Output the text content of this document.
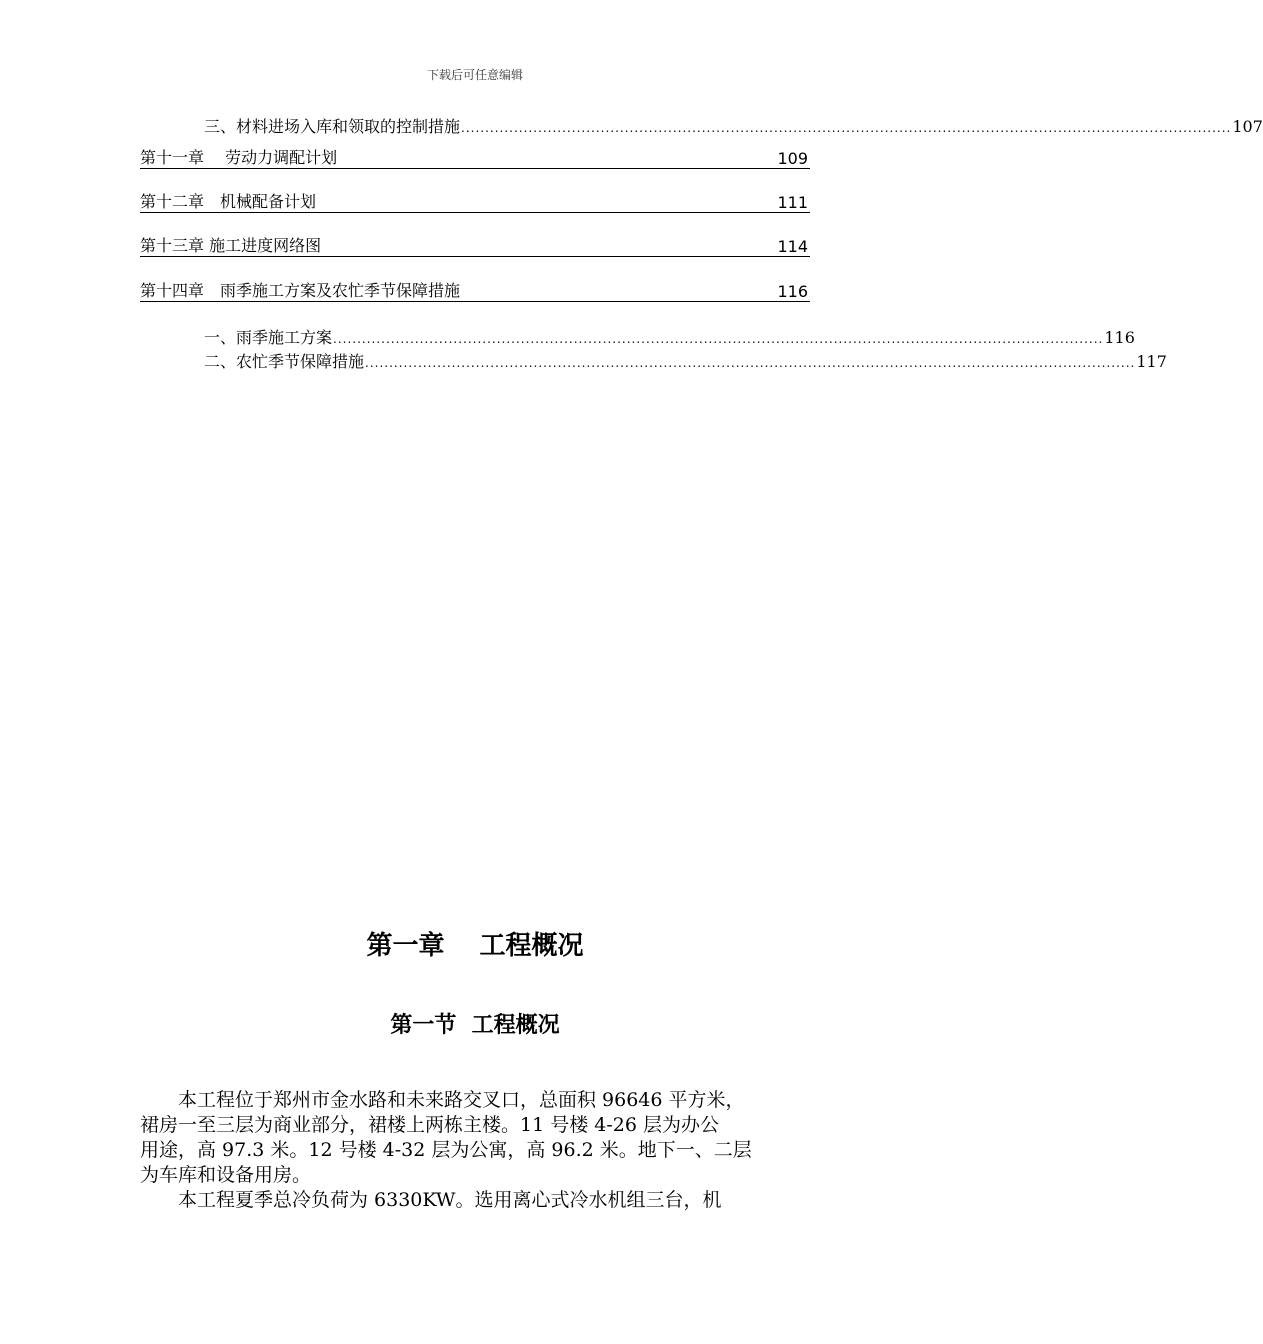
下载后可任意编辑
三、材料进场入库和领取的控制措施 ................................................................................................................................................................ 107
第十一章　 劳动力调配计划	109
第十二章　机械配备计划	111
第十三章 施工进度网络图	114
第十四章　雨季施工方案及农忙季节保障措施	116
一、雨季施工方案 ................................................................................................................................................................ 116
二、农忙季节保障措施 ................................................................................................................................................................ 117
第一章　 工程概况
第一节  工程概况
本工程位于郑州市金水路和未来路交叉口，总面积 96646 平方米，
裙房一至三层为商业部分，裙楼上两栋主楼。11 号楼 4-26 层为办公
用途，高 97.3 米。12 号楼 4-32 层为公寓，高 96.2 米。地下一、二层
为车库和设备用房。
本工程夏季总冷负荷为 6330KW。选用离心式冷水机组三台，机
